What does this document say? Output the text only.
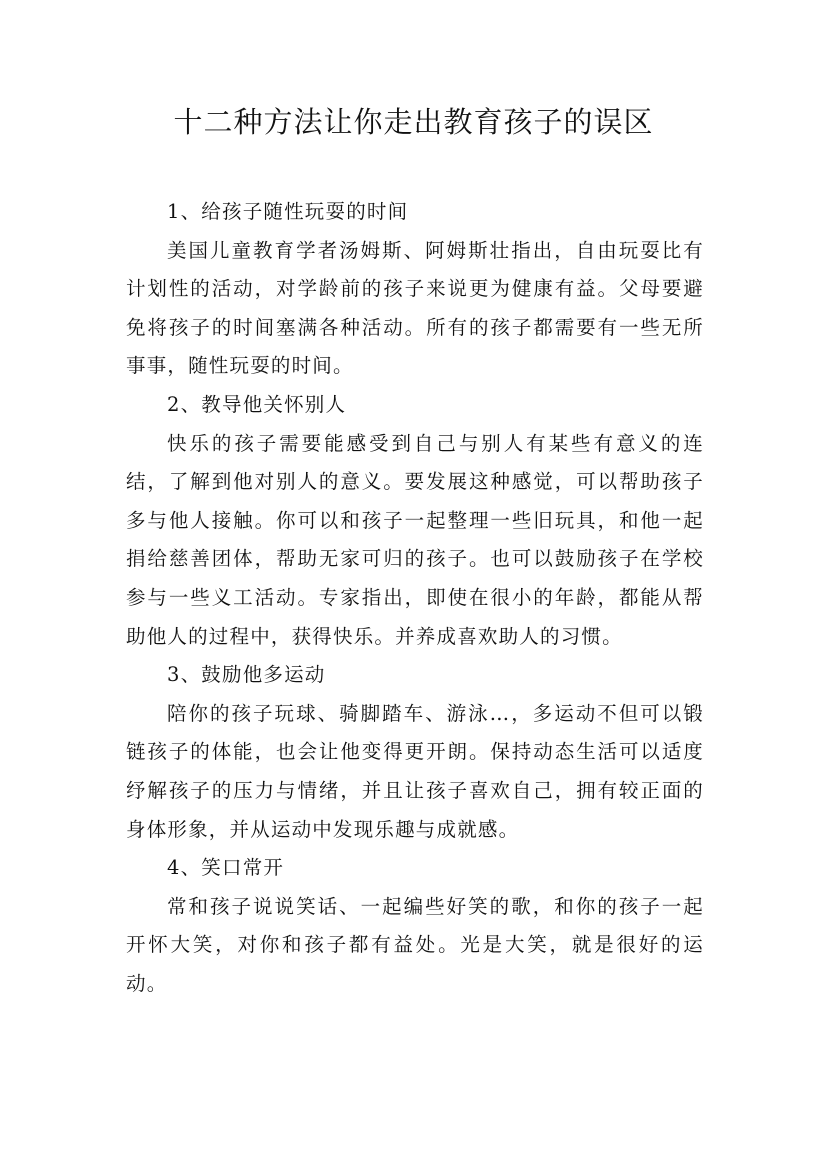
十二种方法让你走出教育孩子的误区

1、给孩子随性玩耍的时间

美国儿童教育学者汤姆斯、阿姆斯壮指出，自由玩耍比有计划性的活动，对学龄前的孩子来说更为健康有益。父母要避免将孩子的时间塞满各种活动。所有的孩子都需要有一些无所事事，随性玩耍的时间。

2、教导他关怀别人

快乐的孩子需要能感受到自己与别人有某些有意义的连结，了解到他对别人的意义。要发展这种感觉，可以帮助孩子多与他人接触。你可以和孩子一起整理一些旧玩具，和他一起捐给慈善团体，帮助无家可归的孩子。也可以鼓励孩子在学校参与一些义工活动。专家指出，即使在很小的年龄，都能从帮助他人的过程中，获得快乐。并养成喜欢助人的习惯。

3、鼓励他多运动

陪你的孩子玩球、骑脚踏车、游泳…，多运动不但可以锻链孩子的体能，也会让他变得更开朗。保持动态生活可以适度纾解孩子的压力与情绪，并且让孩子喜欢自己，拥有较正面的身体形象，并从运动中发现乐趣与成就感。

4、笑口常开

常和孩子说说笑话、一起编些好笑的歌，和你的孩子一起开怀大笑，对你和孩子都有益处。光是大笑，就是很好的运动。
